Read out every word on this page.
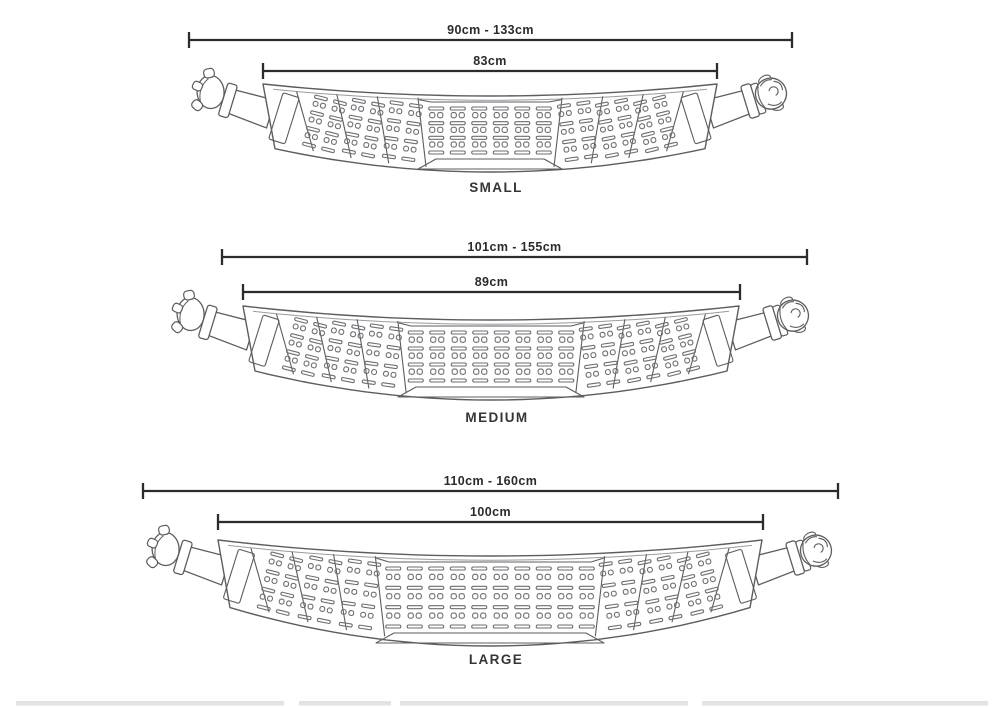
90cm - 133cm
83cm
SMALL
101cm - 155cm
89cm
MEDIUM
110cm - 160cm
100cm
LARGE
